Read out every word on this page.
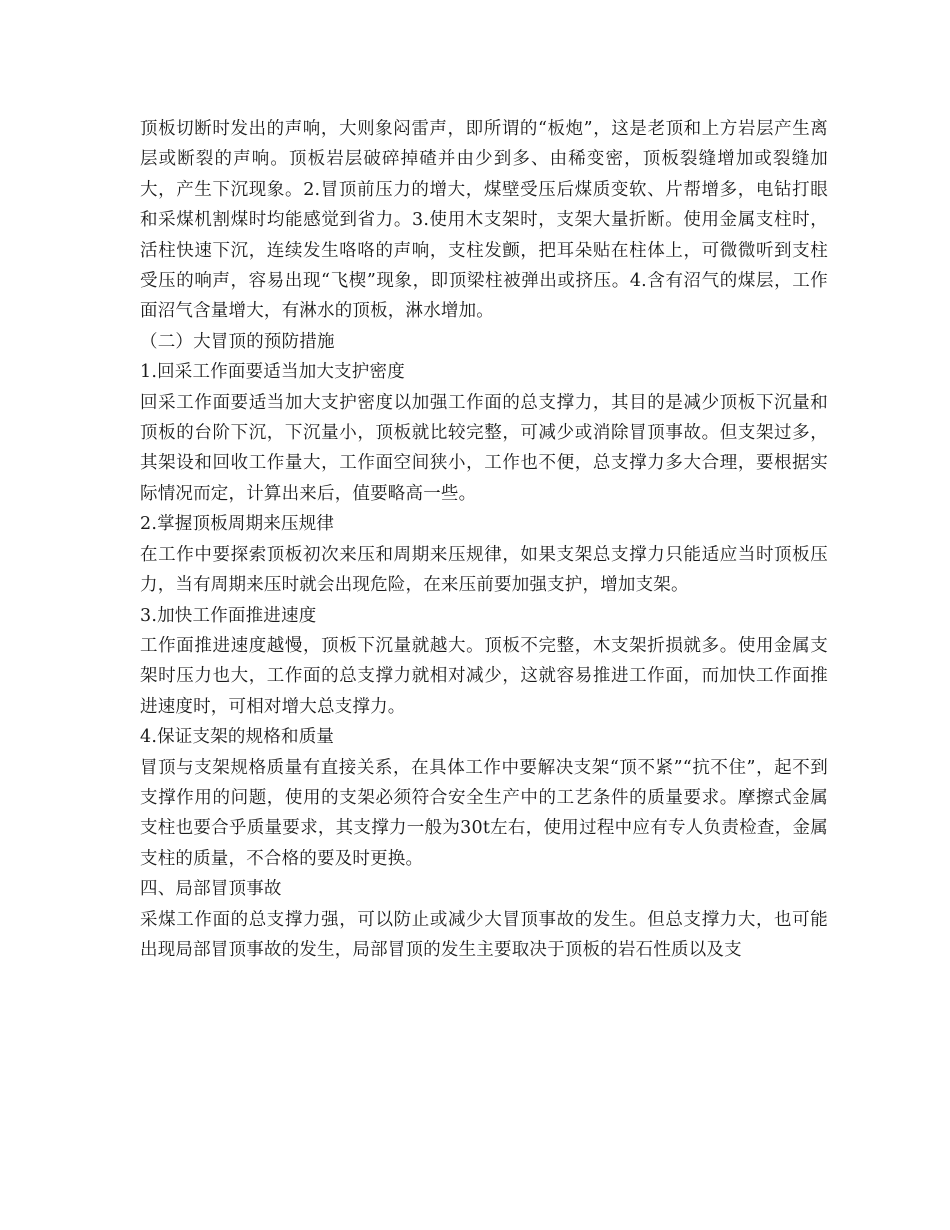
顶板切断时发出的声响，大则象闷雷声，即所谓的“板炮”，这是老顶和上方岩层产生离层或断裂的声响。顶板岩层破碎掉碴并由少到多、由稀变密，顶板裂缝增加或裂缝加大，产生下沉现象。2.冒顶前压力的增大，煤壁受压后煤质变软、片帮增多，电钻打眼和采煤机割煤时均能感觉到省力。3.使用木支架时，支架大量折断。使用金属支柱时，活柱快速下沉，连续发生咯咯的声响，支柱发颤，把耳朵贴在柱体上，可微微听到支柱受压的响声，容易出现“飞楔”现象，即顶梁柱被弹出或挤压。4.含有沼气的煤层，工作面沼气含量增大，有淋水的顶板，淋水增加。

（二）大冒顶的预防措施

1.回采工作面要适当加大支护密度

回采工作面要适当加大支护密度以加强工作面的总支撑力，其目的是减少顶板下沉量和顶板的台阶下沉，下沉量小，顶板就比较完整，可减少或消除冒顶事故。但支架过多，其架设和回收工作量大，工作面空间狭小，工作也不便，总支撑力多大合理，要根据实际情况而定，计算出来后，值要略高一些。

2.掌握顶板周期来压规律

在工作中要探索顶板初次来压和周期来压规律，如果支架总支撑力只能适应当时顶板压力，当有周期来压时就会出现危险，在来压前要加强支护，增加支架。

3.加快工作面推进速度

工作面推进速度越慢，顶板下沉量就越大。顶板不完整，木支架折损就多。使用金属支架时压力也大，工作面的总支撑力就相对减少，这就容易推进工作面，而加快工作面推进速度时，可相对增大总支撑力。

4.保证支架的规格和质量

冒顶与支架规格质量有直接关系，在具体工作中要解决支架“顶不紧”“抗不住”，起不到支撑作用的问题，使用的支架必须符合安全生产中的工艺条件的质量要求。摩擦式金属支柱也要合乎质量要求，其支撑力一般为30t左右，使用过程中应有专人负责检查，金属支柱的质量，不合格的要及时更换。

四、局部冒顶事故

采煤工作面的总支撑力强，可以防止或减少大冒顶事故的发生。但总支撑力大，也可能出现局部冒顶事故的发生，局部冒顶的发生主要取决于顶板的岩石性质以及支
